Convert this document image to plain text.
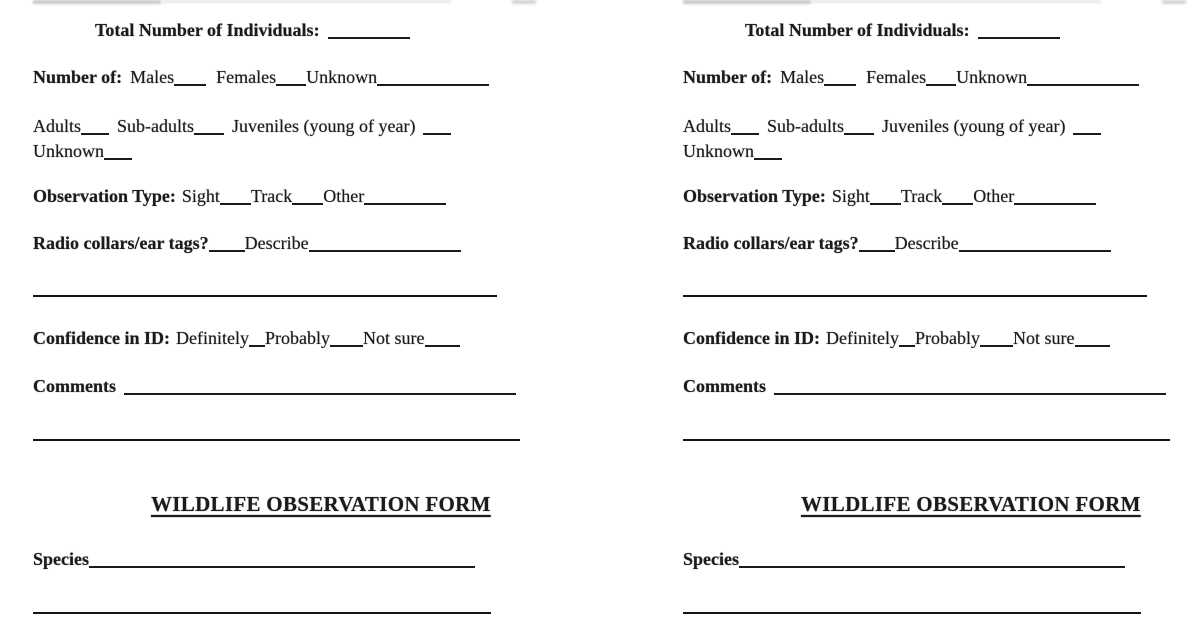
Total Number of Individuals:
Number of: Males Females Unknown
Adults Sub-adults Juveniles (young of year)
Unknown
Observation Type: Sight Track Other
Radio collars/ear tags? Describe
Confidence in ID: Definitely Probably Not sure
Comments
WILDLIFE OBSERVATION FORM
Species
Total Number of Individuals:
Number of: Males Females Unknown
Adults Sub-adults Juveniles (young of year)
Unknown
Observation Type: Sight Track Other
Radio collars/ear tags? Describe
Confidence in ID: Definitely Probably Not sure
Comments
WILDLIFE OBSERVATION FORM
Species
